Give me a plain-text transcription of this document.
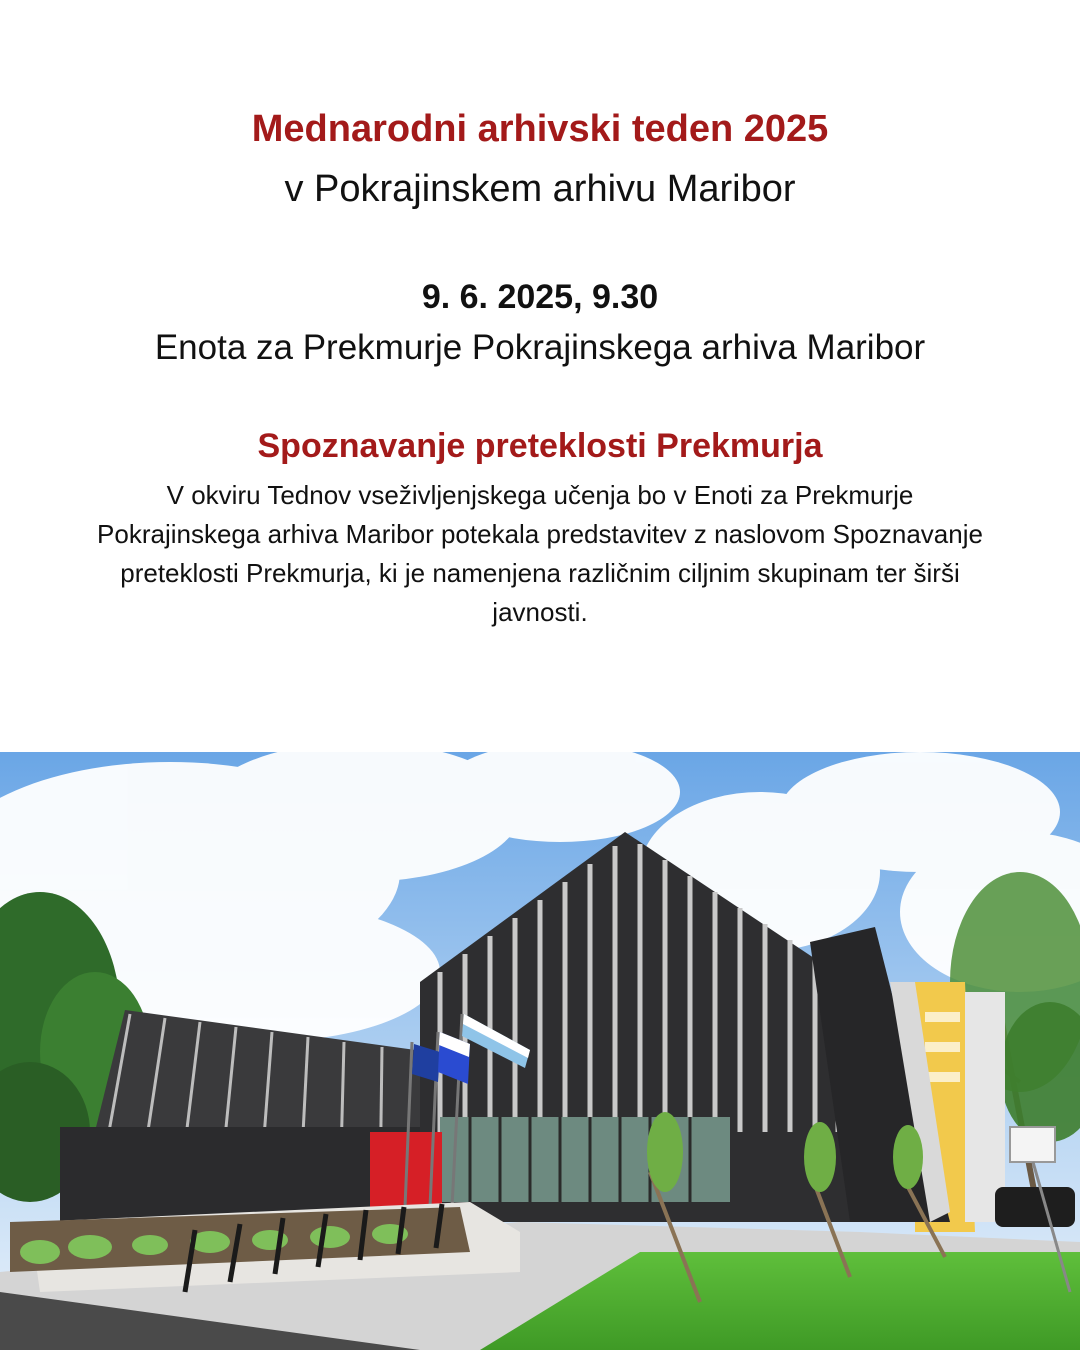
Mednarodni arhivski teden 2025
v Pokrajinskem arhivu Maribor
9. 6. 2025, 9.30
Enota za Prekmurje Pokrajinskega arhiva Maribor
Spoznavanje preteklosti Prekmurja
V okviru Tednov vseživljenjskega učenja bo v Enoti za Prekmurje Pokrajinskega arhiva Maribor potekala predstavitev z naslovom Spoznavanje preteklosti Prekmurja, ki je namenjena različnim ciljnim skupinam ter širši javnosti.
